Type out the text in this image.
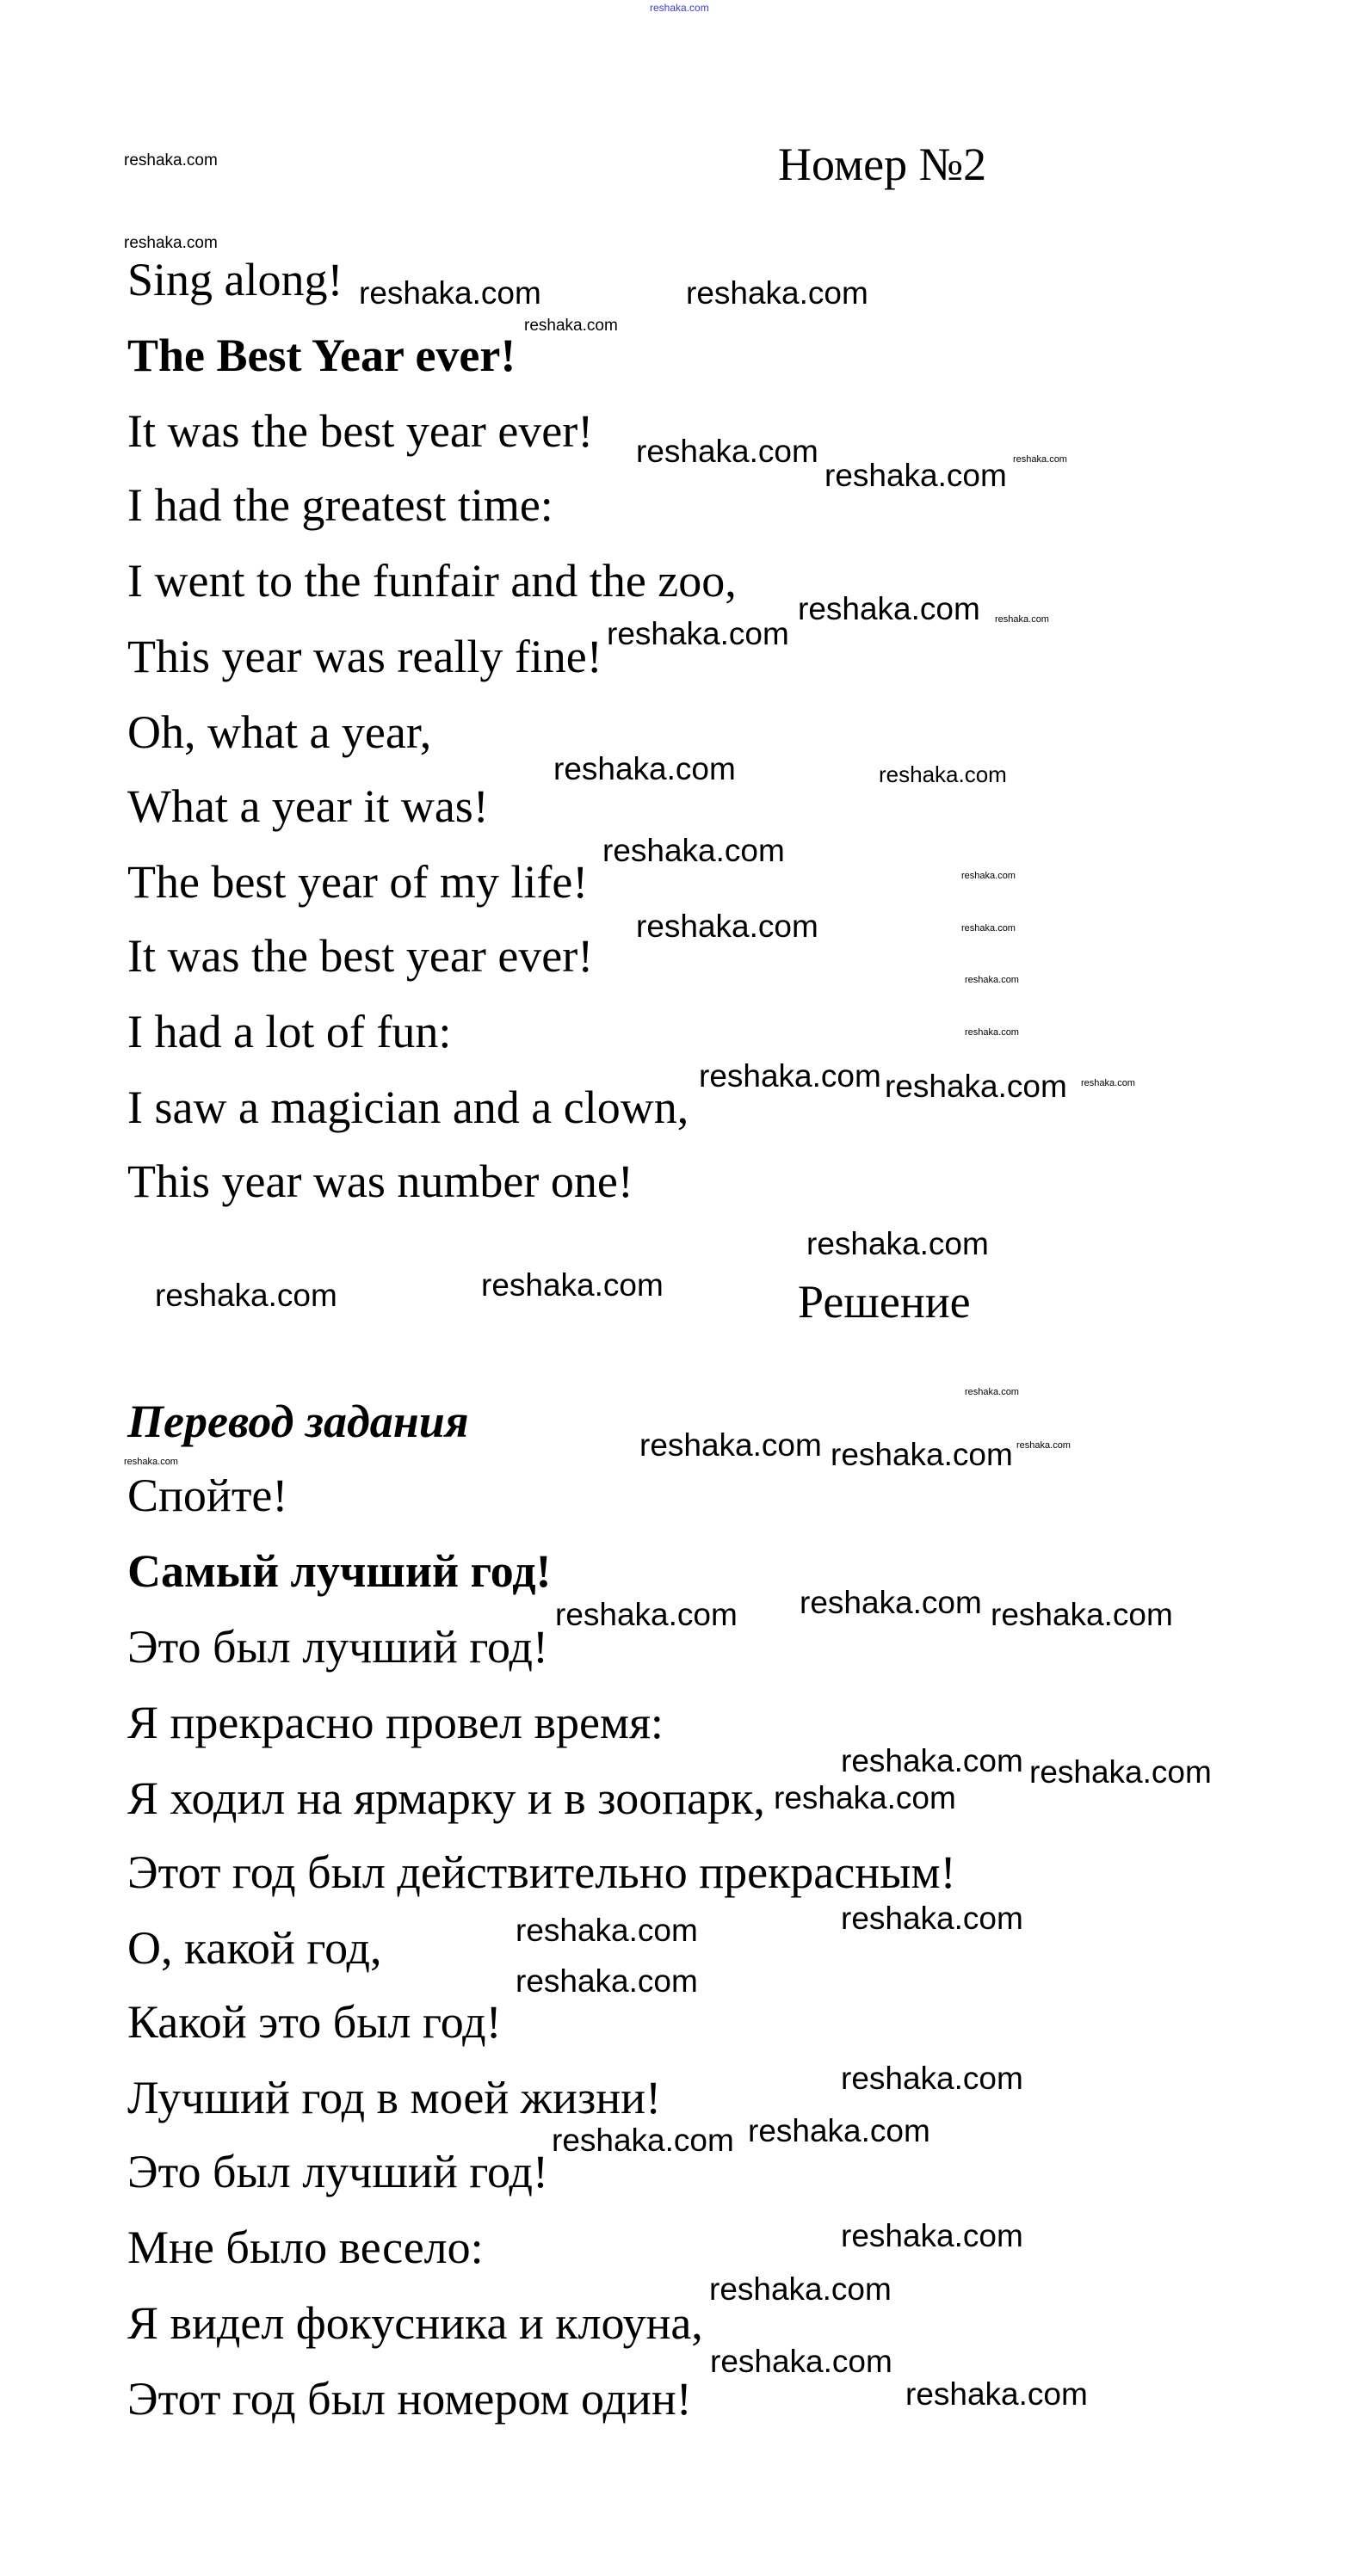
Номер №2
Sing along!
The Best Year ever!
It was the best year ever!
I had the greatest time:
I went to the funfair and the zoo,
This year was really fine!
Oh, what a year,
What a year it was!
The best year of my life!
It was the best year ever!
I had a lot of fun:
I saw a magician and a clown,
This year was number one!
Решение
Перевод задания
Спойте!
Самый лучший год!
Это был лучший год!
Я прекрасно провел время:
Я ходил на ярмарку и в зоопарк,
Этот год был действительно прекрасным!
О, какой год,
Какой это был год!
Лучший год в моей жизни!
Это был лучший год!
Мне было весело:
Я видел фокусника и клоуна,
Этот год был номером один!
reshaka.com
reshaka.com
reshaka.com	reshaka.com
reshaka.com
reshaka.com
reshaka.com reshaka.com
reshaka.com
reshaka.com	reshaka.com
reshaka.com	reshaka.com
reshaka.com
reshaka.com
reshaka.com	reshaka.com
reshaka.com
reshaka.com
reshaka.com reshaka.com reshaka.com
reshaka.com
reshaka.com	reshaka.com
reshaka.com
reshaka.com reshaka.com reshaka.com
reshaka.com
reshaka.com
reshaka.com	reshaka.com
reshaka.com reshaka.com
reshaka.com
reshaka.com	reshaka.com
reshaka.com
reshaka.com
reshaka.com reshaka.com
reshaka.com
reshaka.com
reshaka.com
reshaka.com
reshaka.com
